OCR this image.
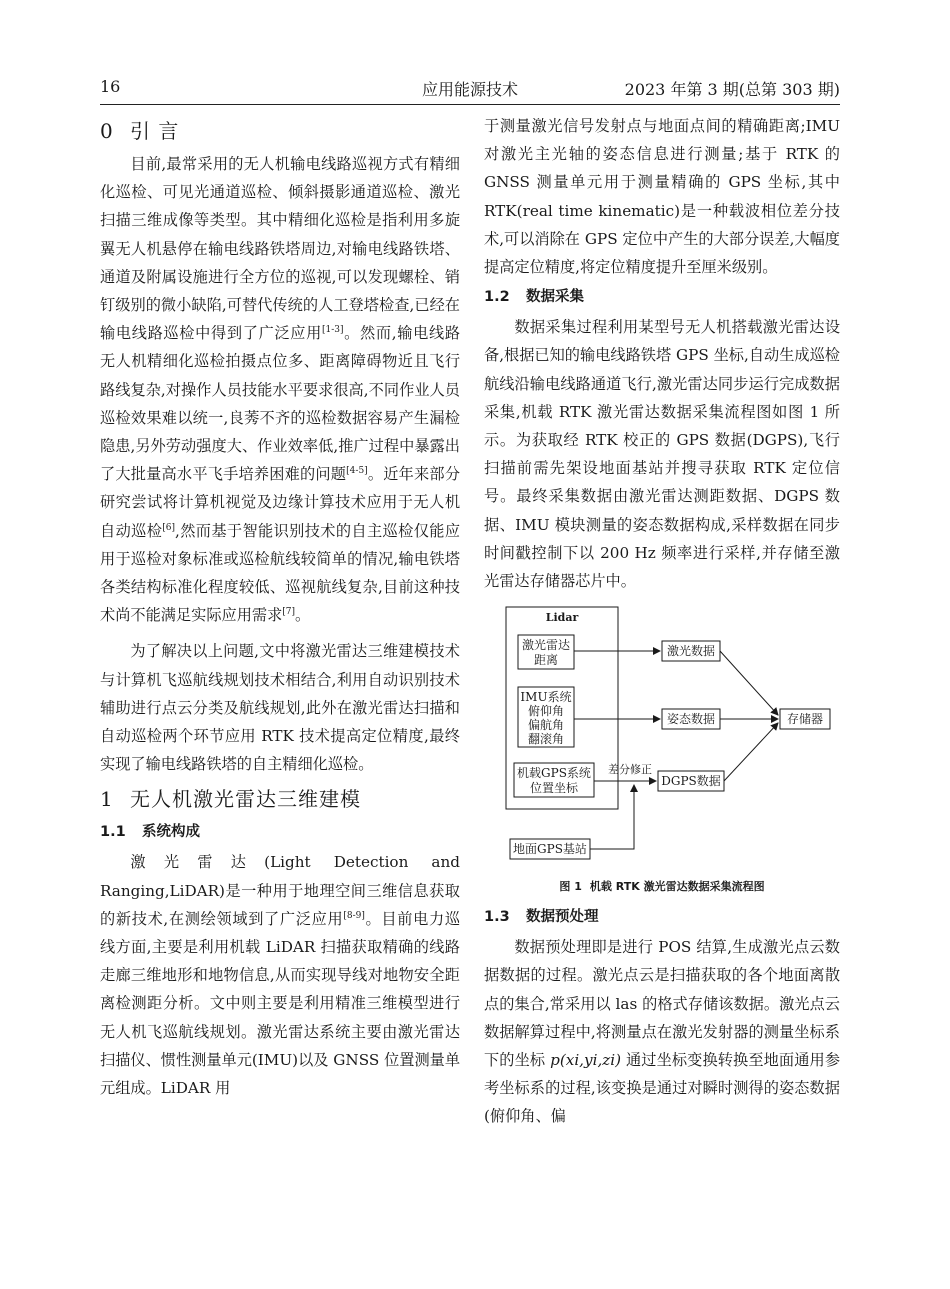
16	应用能源技术	2023 年第 3 期(总第 303 期)
0 引 言

目前,最常采用的无人机输电线路巡视方式有精细化巡检、可见光通道巡检、倾斜摄影通道巡检、激光扫描三维成像等类型。其中精细化巡检是指利用多旋翼无人机悬停在输电线路铁塔周边,对输电线路铁塔、通道及附属设施进行全方位的巡视,可以发现螺栓、销钉级别的微小缺陷,可替代传统的人工登塔检查,已经在输电线路巡检中得到了广泛应用[1-3]。然而,输电线路无人机精细化巡检拍摄点位多、距离障碍物近且飞行路线复杂,对操作人员技能水平要求很高,不同作业人员巡检效果难以统一,良莠不齐的巡检数据容易产生漏检隐患,另外劳动强度大、作业效率低,推广过程中暴露出了大批量高水平飞手培养困难的问题[4-5]。近年来部分研究尝试将计算机视觉及边缘计算技术应用于无人机自动巡检[6],然而基于智能识别技术的自主巡检仅能应用于巡检对象标准或巡检航线较简单的情况,输电铁塔各类结构标准化程度较低、巡视航线复杂,目前这种技术尚不能满足实际应用需求[7]。

为了解决以上问题,文中将激光雷达三维建模技术与计算机飞巡航线规划技术相结合,利用自动识别技术辅助进行点云分类及航线规划,此外在激光雷达扫描和自动巡检两个环节应用 RTK 技术提高定位精度,最终实现了输电线路铁塔的自主精细化巡检。

1 无人机激光雷达三维建模
1.1 系统构成

激光雷达(Light Detection and Ranging,LiDAR)是一种用于地理空间三维信息获取的新技术,在测绘领域到了广泛应用[8-9]。目前电力巡线方面,主要是利用机载 LiDAR 扫描获取精确的线路走廊三维地形和地物信息,从而实现导线对地物安全距离检测距分析。文中则主要是利用精准三维模型进行无人机飞巡航线规划。激光雷达系统主要由激光雷达扫描仪、惯性测量单元(IMU)以及 GNSS 位置测量单元组成。LiDAR 用

于测量激光信号发射点与地面点间的精确距离;IMU 对激光主光轴的姿态信息进行测量;基于 RTK 的 GNSS 测量单元用于测量精确的 GPS 坐标,其中 RTK(real time kinematic)是一种载波相位差分技术,可以消除在 GPS 定位中产生的大部分误差,大幅度提高定位精度,将定位精度提升至厘米级别。

1.2 数据采集

数据采集过程利用某型号无人机搭载激光雷达设备,根据已知的输电线路铁塔 GPS 坐标,自动生成巡检航线沿输电线路通道飞行,激光雷达同步运行完成数据采集,机载 RTK 激光雷达数据采集流程图如图 1 所示。为获取经 RTK 校正的 GPS 数据(DGPS),飞行扫描前需先架设地面基站并搜寻获取 RTK 定位信号。最终采集数据由激光雷达测距数据、DGPS 数据、IMU 模块测量的姿态数据构成,采样数据在同步时间戳控制下以 200 Hz 频率进行采样,并存储至激光雷达存储器芯片中。

Lidar
激光雷达
距离
IMU系统
俯仰角
偏航角
翻滚角
机载GPS系统
位置坐标
激光数据
姿态数据
DGPS数据
存储器
地面GPS基站
差分修正
图 1 机载 RTK 激光雷达数据采集流程图
1.3 数据预处理

数据预处理即是进行 POS 结算,生成激光点云数据数据的过程。激光点云是扫描获取的各个地面离散点的集合,常采用以 las 的格式存储该数据。激光点云数据解算过程中,将测量点在激光发射器的测量坐标系下的坐标 p(xi,yi,zi) 通过坐标变换转换至地面通用参考坐标系的过程,该变换是通过对瞬时测得的姿态数据(俯仰角、偏
